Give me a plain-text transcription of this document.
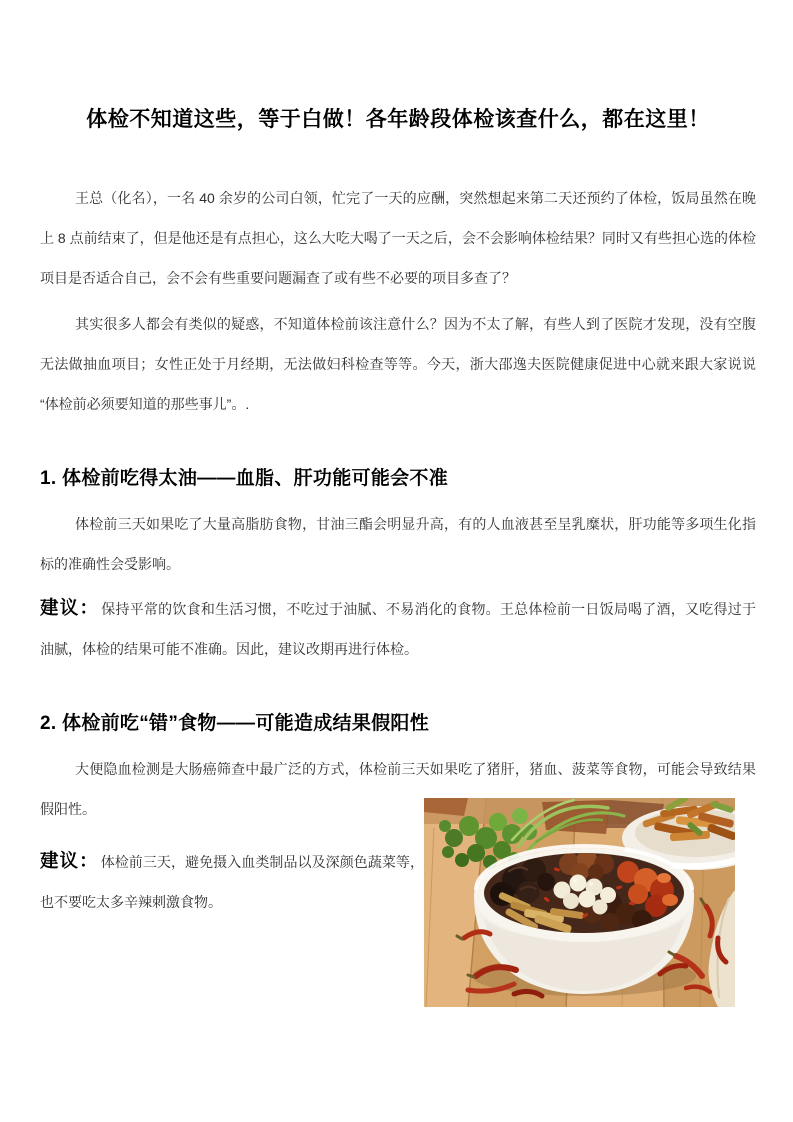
体检不知道这些，等于白做！各年龄段体检该查什么，都在这里！

王总（化名），一名 40 余岁的公司白领，忙完了一天的应酬，突然想起来第二天还预约了体检，饭局虽然在晚上 8 点前结束了，但是他还是有点担心，这么大吃大喝了一天之后，会不会影响体检结果？同时又有些担心选的体检项目是否适合自己，会不会有些重要问题漏查了或有些不必要的项目多查了？

其实很多人都会有类似的疑惑，不知道体检前该注意什么？因为不太了解，有些人到了医院才发现，没有空腹无法做抽血项目；女性正处于月经期，无法做妇科检查等等。今天，浙大邵逸夫医院健康促进中心就来跟大家说说“体检前必须要知道的那些事儿”。.

1. 体检前吃得太油——血脂、肝功能可能会不准

体检前三天如果吃了大量高脂肪食物，甘油三酯会明显升高，有的人血液甚至呈乳糜状，肝功能等多项生化指标的准确性会受影响。

建议： 保持平常的饮食和生活习惯，不吃过于油腻、不易消化的食物。王总体检前一日饭局喝了酒，又吃得过于油腻，体检的结果可能不准确。因此，建议改期再进行体检。

2. 体检前吃“错”食物——可能造成结果假阳性

大便隐血检测是大肠癌筛查中最广泛的方式，体检前三天如果吃了猪肝，猪血、菠菜等食物，可能会导致结果假阳性。

建议： 体检前三天，避免摄入血类制品以及深颜色蔬菜等，也不要吃太多辛辣刺激食物。
